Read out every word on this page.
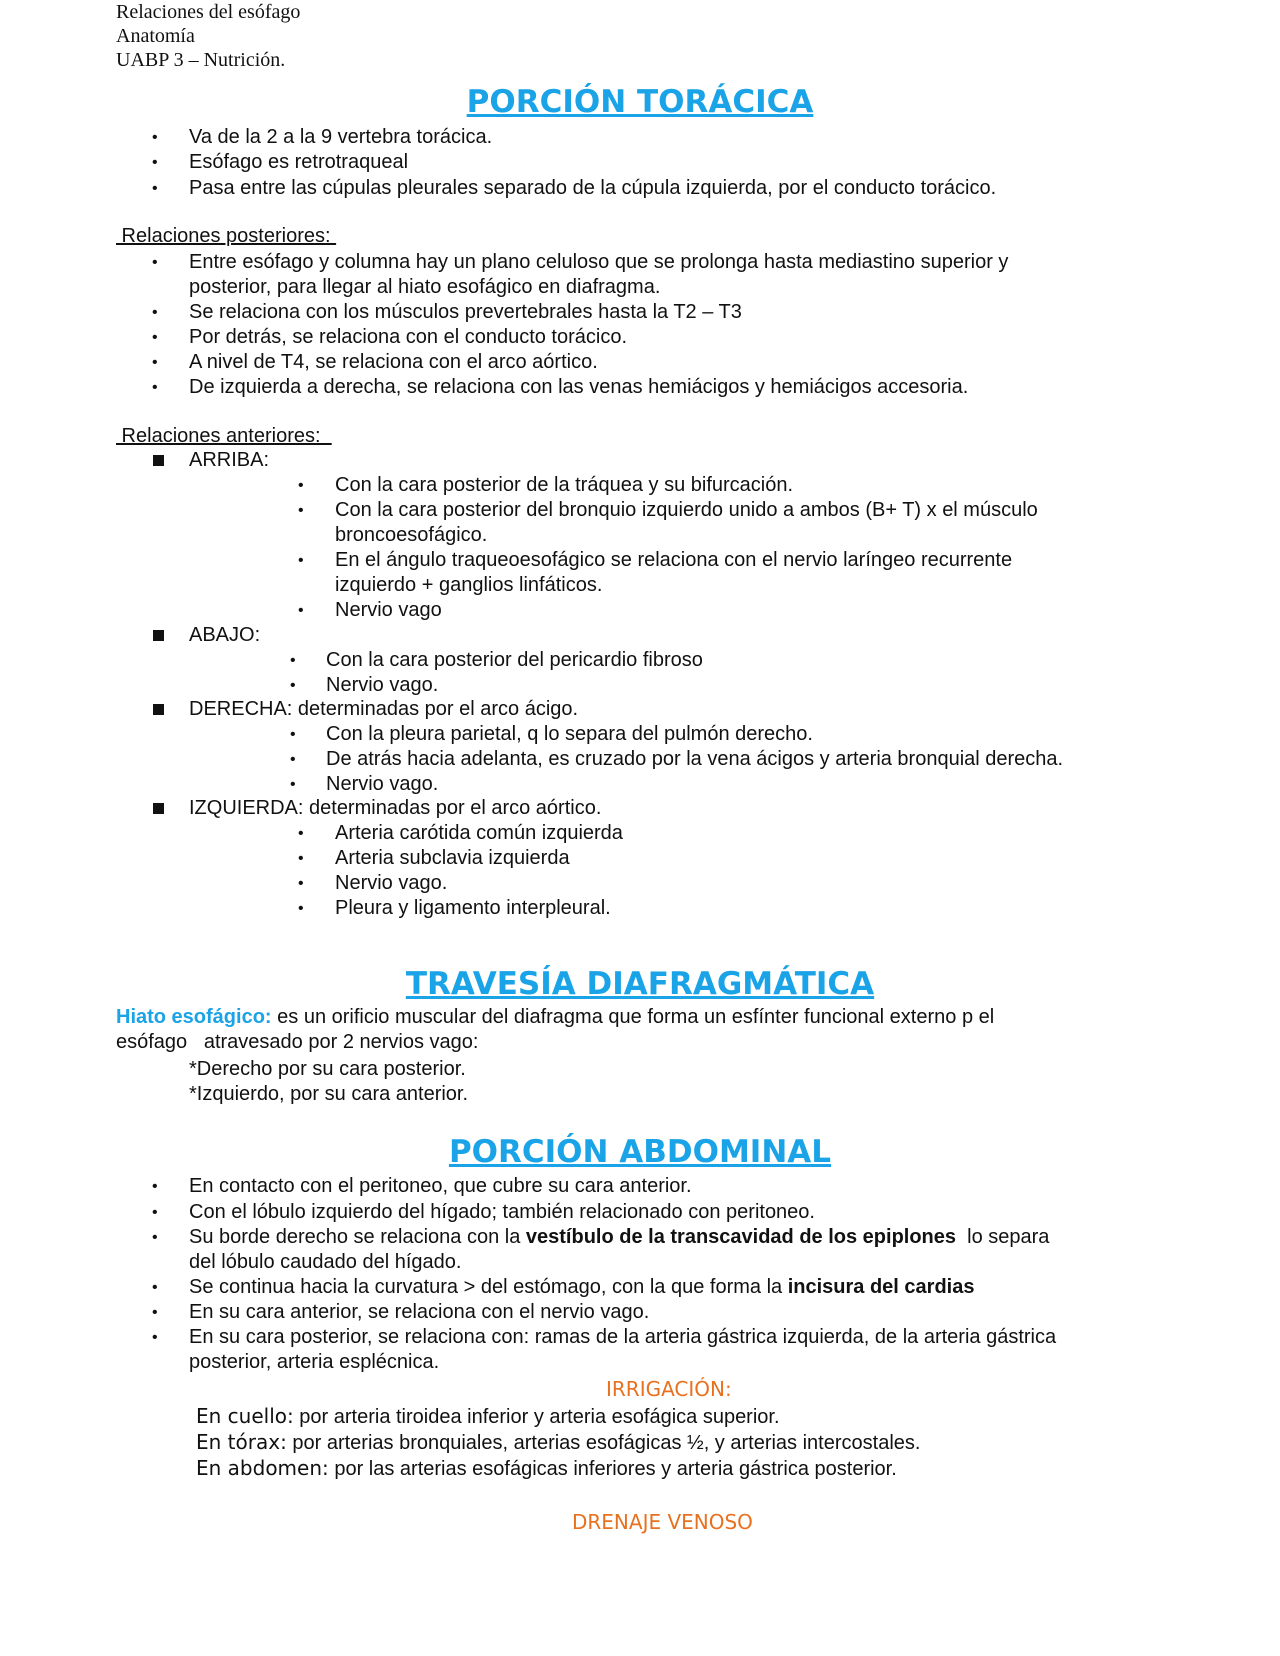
Relaciones del esófago
Anatomía
UABP 3 – Nutrición.
PORCIÓN TORÁCICA
• Va de la 2 a la 9 vertebra torácica.
• Esófago es retrotraqueal
• Pasa entre las cúpulas pleurales separado de la cúpula izquierda, por el conducto torácico.
Relaciones posteriores:
• Entre esófago y columna hay un plano celuloso que se prolonga hasta mediastino superior y
posterior, para llegar al hiato esofágico en diafragma.
• Se relaciona con los músculos prevertebrales hasta la T2 – T3
• Por detrás, se relaciona con el conducto torácico.
• A nivel de T4, se relaciona con el arco aórtico.
• De izquierda a derecha, se relaciona con las venas hemiácigos y hemiácigos accesoria.
Relaciones anteriores:
ARRIBA:
• Con la cara posterior de la tráquea y su bifurcación.
• Con la cara posterior del bronquio izquierdo unido a ambos (B+ T) x el músculo
broncoesofágico.
• En el ángulo traqueoesofágico se relaciona con el nervio laríngeo recurrente
izquierdo + ganglios linfáticos.
• Nervio vago
ABAJO:
• Con la cara posterior del pericardio fibroso
• Nervio vago.
DERECHA: determinadas por el arco ácigo.
• Con la pleura parietal, q lo separa del pulmón derecho.
• De atrás hacia adelanta, es cruzado por la vena ácigos y arteria bronquial derecha.
• Nervio vago.
IZQUIERDA: determinadas por el arco aórtico.
• Arteria carótida común izquierda
• Arteria subclavia izquierda
• Nervio vago.
• Pleura y ligamento interpleural.
TRAVESÍA DIAFRAGMÁTICA
Hiato esofágico: es un orificio muscular del diafragma que forma un esfínter funcional externo p el
esófago   atravesado por 2 nervios vago:
*Derecho por su cara posterior.
*Izquierdo, por su cara anterior.
PORCIÓN ABDOMINAL
• En contacto con el peritoneo, que cubre su cara anterior.
• Con el lóbulo izquierdo del hígado; también relacionado con peritoneo.
• Su borde derecho se relaciona con la vestíbulo de la transcavidad de los epiplones  lo separa
del lóbulo caudado del hígado.
• Se continua hacia la curvatura > del estómago, con la que forma la incisura del cardias
• En su cara anterior, se relaciona con el nervio vago.
• En su cara posterior, se relaciona con: ramas de la arteria gástrica izquierda, de la arteria gástrica
posterior, arteria esplécnica.
IRRIGACIÓN:
En cuello: por arteria tiroidea inferior y arteria esofágica superior.
En tórax: por arterias bronquiales, arterias esofágicas ½, y arterias intercostales.
En abdomen: por las arterias esofágicas inferiores y arteria gástrica posterior.
DRENAJE VENOSO
